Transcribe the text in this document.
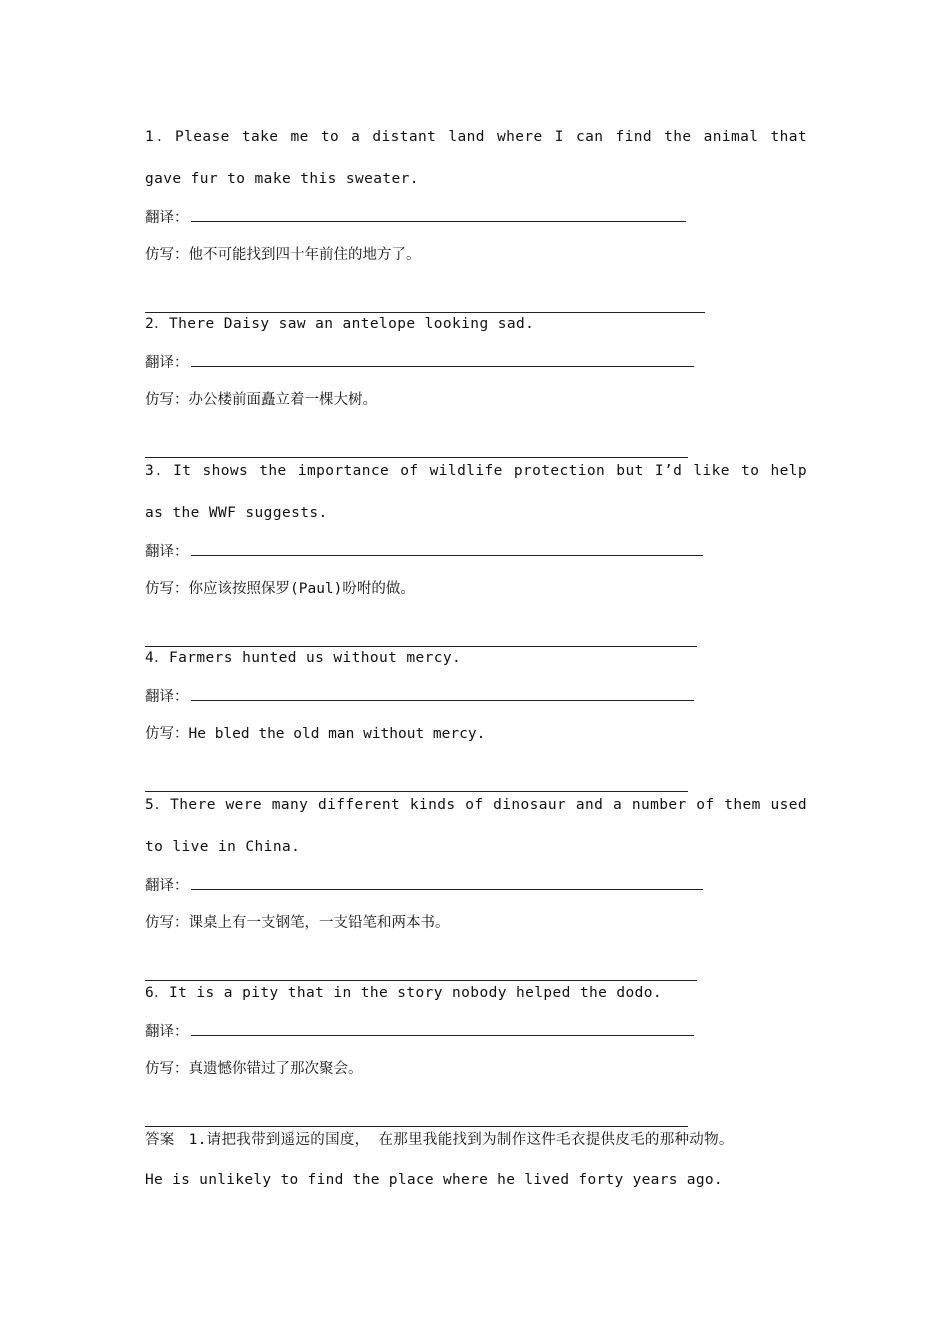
1．Please take me to a distant land where I can find the animal that gave fur to make this sweater.

翻译：
仿写： 他不可能找到四十年前住的地方了。

2．There Daisy saw an antelope looking sad.

翻译：
仿写： 办公楼前面矗立着一棵大树。

3．It shows the importance of wildlife protection but I’d like to help as the WWF suggests.

翻译：
仿写： 你应该按照保罗(Paul)吩咐的做。

4．Farmers hunted us without mercy.

翻译：
仿写： He bled the old man without mercy.

5．There were many different kinds of dinosaur and a number of them used to live in China.

翻译：
仿写： 课桌上有一支钢笔，一支铅笔和两本书。

6．It is a pity that in the story nobody helped the dodo.

翻译：
仿写： 真遗憾你错过了那次聚会。
答案 1.请把我带到遥远的国度， 在那里我能找到为制作这件毛衣提供皮毛的那种动物。
He is unlikely to find the place where he lived forty years ago.
